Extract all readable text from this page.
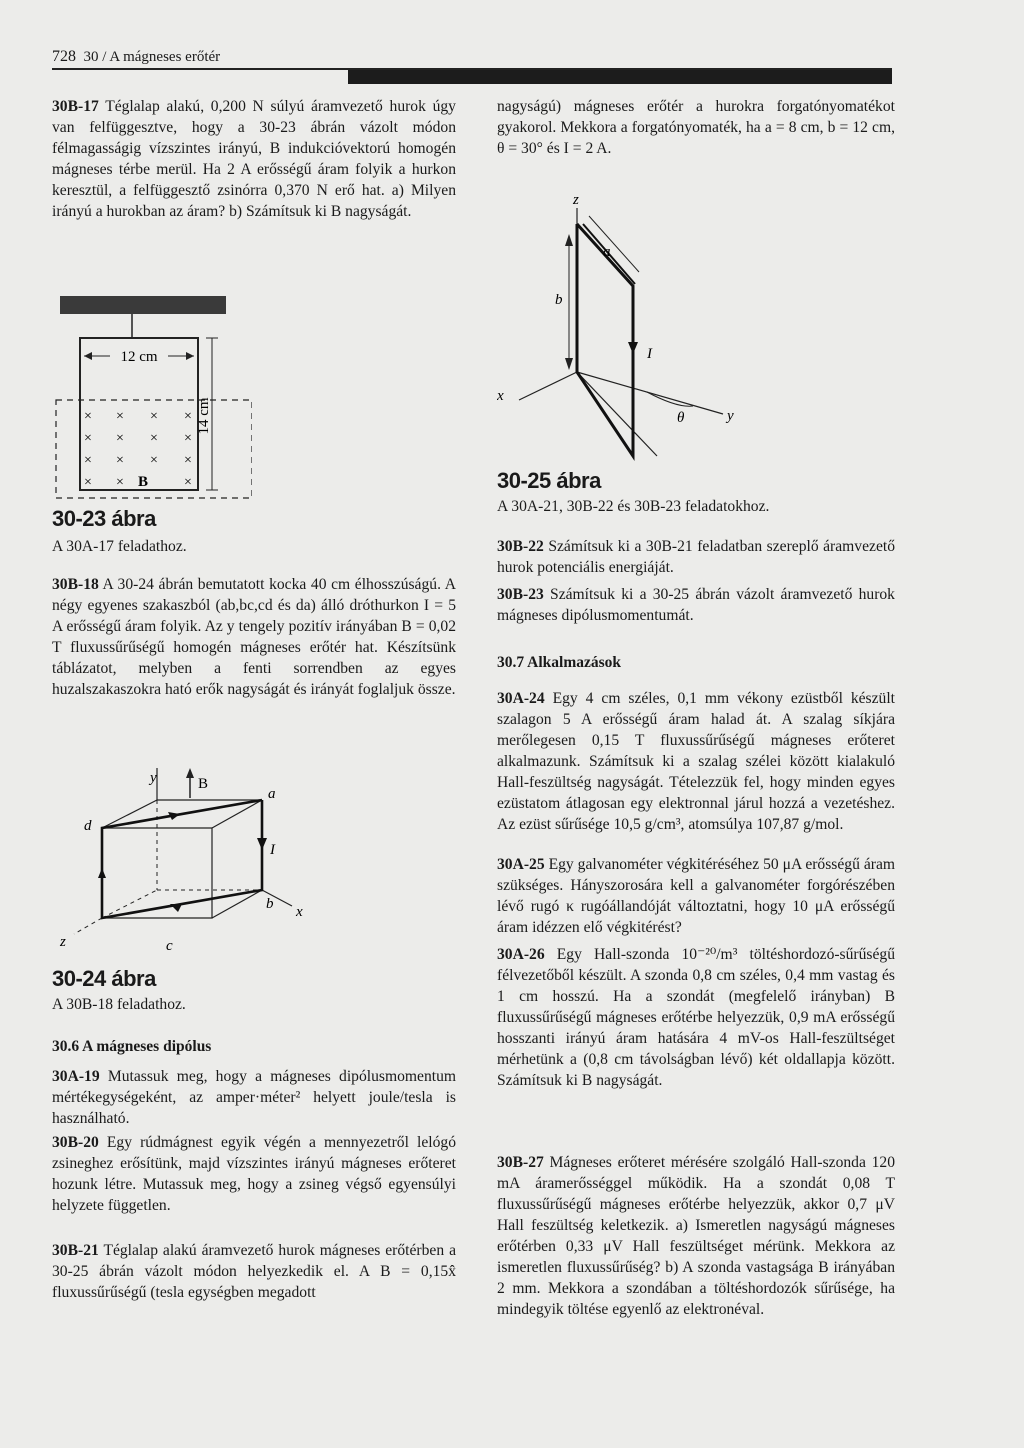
728 30 / A mágneses erőtér

30B-17 Téglalap alakú, 0,200 N súlyú áramvezető hurok úgy van felfüggesztve, hogy a 30-23 ábrán vázolt módon félmagasságig vízszintes irányú, B indukcióvektorú homogén mágneses térbe merül. Ha 2 A erősségű áram folyik a hurkon keresztül, a felfüggesztő zsinórra 0,370 N erő hat. a) Milyen irányú a hurokban az áram? b) Számítsuk ki B nagyságát.

12 cm
14 cm
× × × ×
× × × ×
× × × ×
× ×	×
B
30-23 ábra
A 30A-17 feladathoz.

30B-18 A 30-24 ábrán bemutatott kocka 40 cm élhosszúságú. A négy egyenes szakaszból (ab,bc,cd és da) álló dróthurkon I = 5 A erősségű áram folyik. Az y tengely pozitív irányában B = 0,02 T fluxussűrűségű homogén mágneses erőtér hat. Készítsünk táblázatot, melyben a fenti sorrendben az egyes huzalszakaszokra ható erők nagyságát és irányát foglaljuk össze.

y	B
a
d
I
b x
z	c
30-24 ábra
A 30B-18 feladathoz.
30.6 A mágneses dipólus

30A-19 Mutassuk meg, hogy a mágneses dipólusmomentum mértékegységeként, az amper·méter² helyett joule/tesla is használható.

30B-20 Egy rúdmágnest egyik végén a mennyezetről lelógó zsineghez erősítünk, majd vízszintes irányú mágneses erőteret hozunk létre. Mutassuk meg, hogy a zsineg végső egyensúlyi helyzete független.

30B-21 Téglalap alakú áramvezető hurok mágneses erőtérben a 30-25 ábrán vázolt módon helyezkedik el. A B = 0,15x̂ fluxussűrűségű (tesla egységben megadott

nagyságú) mágneses erőtér a hurokra forgatónyomatékot gyakorol. Mekkora a forgatónyomaték, ha a = 8 cm, b = 12 cm, θ = 30° és I = 2 A.

z
a
b
I
x
θ	y
30-25 ábra
A 30A-21, 30B-22 és 30B-23 feladatokhoz.

30B-22 Számítsuk ki a 30B-21 feladatban szereplő áramvezető hurok potenciális energiáját.

30B-23 Számítsuk ki a 30-25 ábrán vázolt áramvezető hurok mágneses dipólusmomentumát.

30.7 Alkalmazások

30A-24 Egy 4 cm széles, 0,1 mm vékony ezüstből készült szalagon 5 A erősségű áram halad át. A szalag síkjára merőlegesen 0,15 T fluxussűrűségű mágneses erőteret alkalmazunk. Számítsuk ki a szalag szélei között kialakuló Hall-feszültség nagyságát. Tételezzük fel, hogy minden egyes ezüstatom átlagosan egy elektronnal járul hozzá a vezetéshez. Az ezüst sűrűsége 10,5 g/cm³, atomsúlya 107,87 g/mol.

30A-25 Egy galvanométer végkitéréséhez 50 μA erősségű áram szükséges. Hányszorosára kell a galvanométer forgórészében lévő rugó κ rugóállandóját változtatni, hogy 10 μA erősségű áram idézzen elő végkitérést?

30A-26 Egy Hall-szonda 10⁻²⁰/m³ töltéshordozó-sűrűségű félvezetőből készült. A szonda 0,8 cm széles, 0,4 mm vastag és 1 cm hosszú. Ha a szondát (megfelelő irányban) B fluxussűrűségű mágneses erőtérbe helyezzük, 0,9 mA erősségű hosszanti irányú áram hatására 4 mV-os Hall-feszültséget mérhetünk a (0,8 cm távolságban lévő) két oldallapja között. Számítsuk ki B nagyságát.

30B-27 Mágneses erőteret mérésére szolgáló Hall-szonda 120 mA áramerősséggel működik. Ha a szondát 0,08 T fluxussűrűségű mágneses erőtérbe helyezzük, akkor 0,7 μV Hall feszültség keletkezik. a) Ismeretlen nagyságú mágneses erőtérben 0,33 μV Hall feszültséget mérünk. Mekkora az ismeretlen fluxussűrűség? b) A szonda vastagsága B irányában 2 mm. Mekkora a szondában a töltéshordozók sűrűsége, ha mindegyik töltése egyenlő az elektronéval.
